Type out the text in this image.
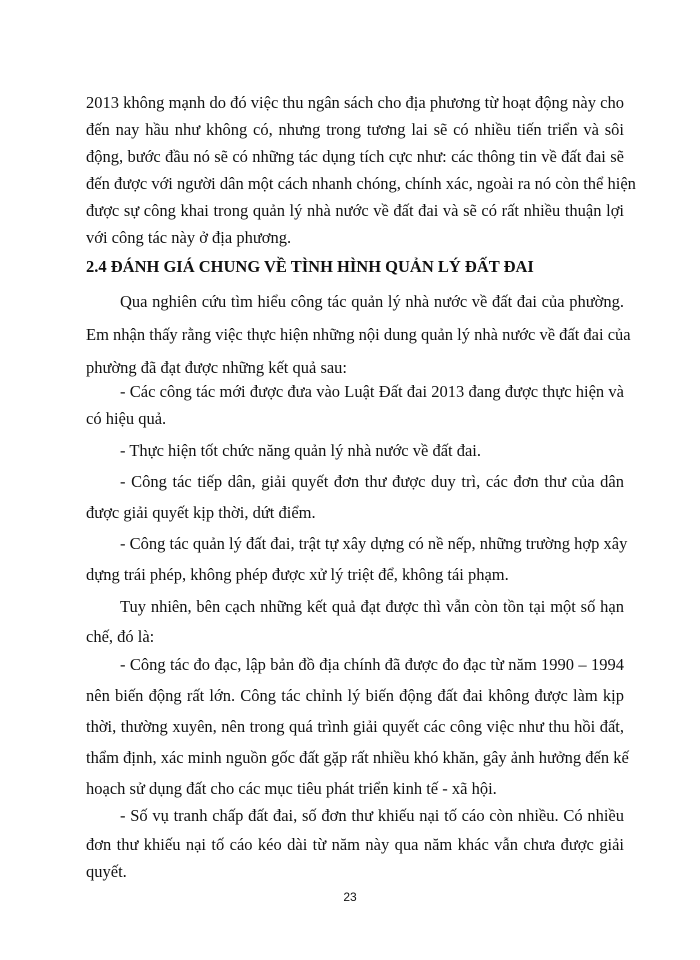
2013 không mạnh do đó việc thu ngân sách cho địa phương từ hoạt động này cho
đến nay hầu như không có, nhưng trong tương lai sẽ có nhiều tiến triển và sôi
động, bước đầu nó sẽ có những tác dụng tích cực như: các thông tin về đất đai sẽ
đến được với người dân một cách nhanh chóng, chính xác, ngoài ra nó còn thể hiện
được sự công khai trong quản lý nhà nước về đất đai và sẽ có rất nhiều thuận lợi
với công tác này ở địa phương.
2.4 ĐÁNH GIÁ CHUNG VỀ TÌNH HÌNH QUẢN LÝ ĐẤT ĐAI
Qua nghiên cứu tìm hiểu công tác quản lý nhà nước về đất đai của phường.
Em nhận thấy rằng việc thực hiện những nội dung quản lý nhà nước về đất đai của
phường đã đạt được những kết quả sau:
- Các công tác mới được đưa vào Luật Đất đai 2013 đang được thực hiện và
có hiệu quả.
- Thực hiện tốt chức năng quản lý nhà nước về đất đai.
- Công tác tiếp dân, giải quyết đơn thư được duy trì, các đơn thư của dân
được giải quyết kịp thời, dứt điểm.
- Công tác quản lý đất đai, trật tự xây dựng có nề nếp, những trường hợp xây
dựng trái phép, không phép được xử lý triệt để, không tái phạm.
Tuy nhiên, bên cạch những kết quả đạt được thì vẫn còn tồn tại một số hạn
chế, đó là:
- Công tác đo đạc, lập bản đồ địa chính đã được đo đạc từ năm 1990 – 1994
nên biến động rất lớn. Công tác chỉnh lý biến động đất đai không được làm kịp
thời, thường xuyên, nên trong quá trình giải quyết các công việc như thu hồi đất,
thẩm định, xác minh nguồn gốc đất gặp rất nhiều khó khăn, gây ảnh hưởng đến kế
hoạch sử dụng đất cho các mục tiêu phát triển kinh tế - xã hội.
23
- Số vụ tranh chấp đất đai, số đơn thư khiếu nại tố cáo còn nhiều. Có nhiều
đơn thư khiếu nại tố cáo kéo dài từ năm này qua năm khác vẫn chưa được giải
quyết.
